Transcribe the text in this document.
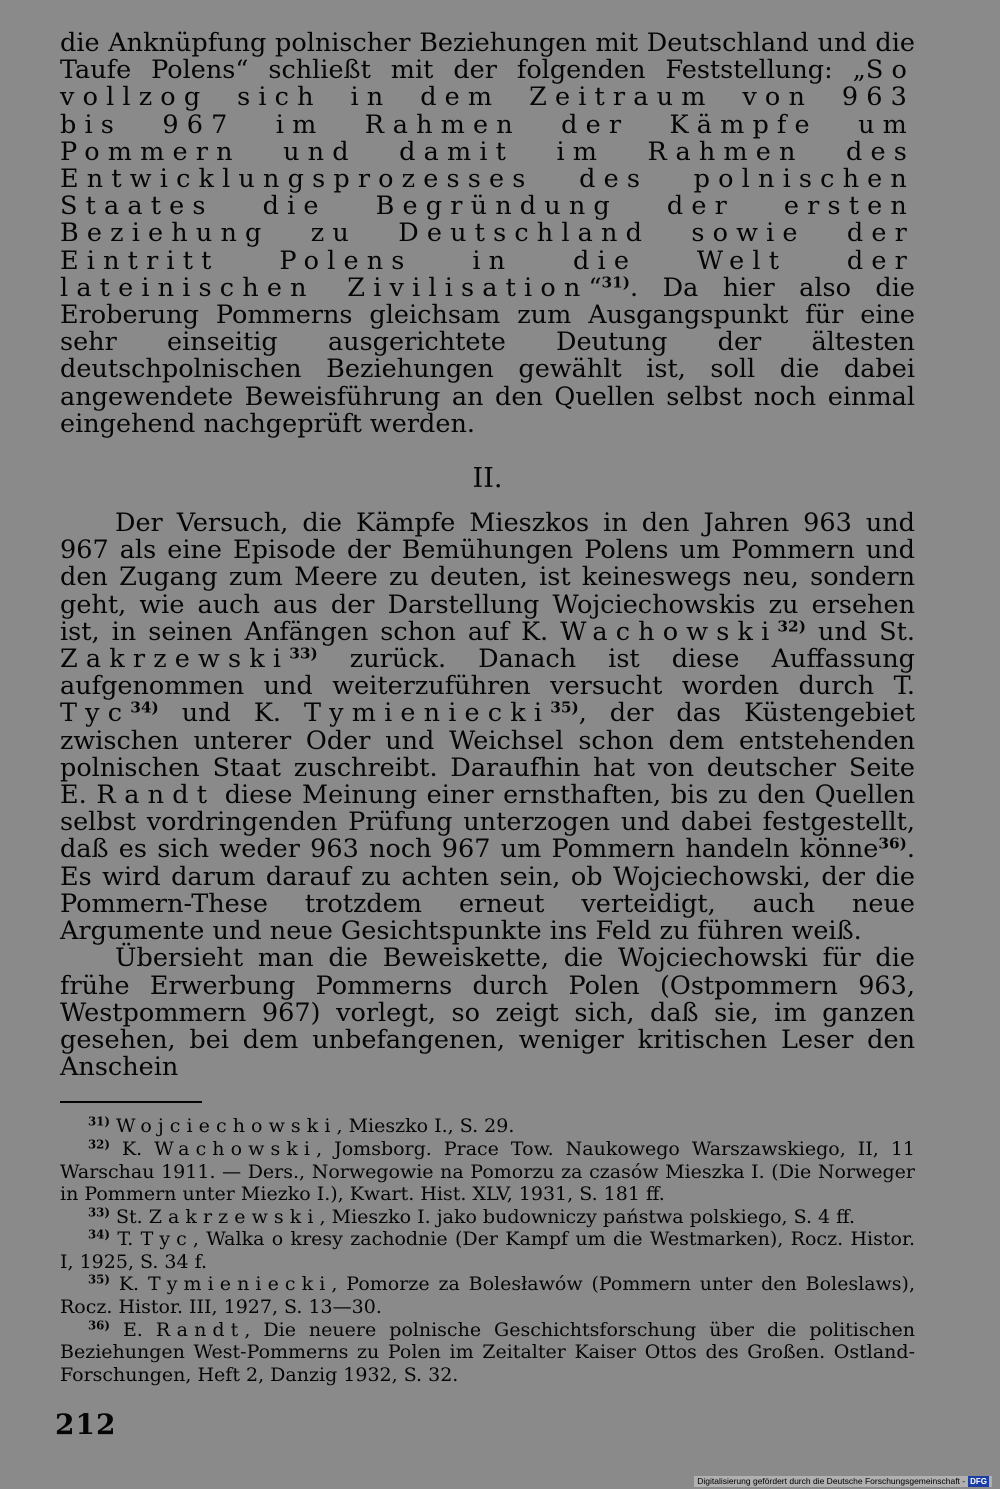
die Anknüpfung polnischer Beziehungen mit Deutschland und die Taufe Polens“ schließt mit der folgenden Feststellung: „So vollzog sich in dem Zeitraum von 963 bis 967 im Rahmen der Kämpfe um Pommern und damit im Rahmen des Entwicklungsprozesses des polnischen Staates die Begründung der ersten Beziehung zu Deutschland sowie der Eintritt Polens in die Welt der lateinischen Zivilisation“$^{31)}$. Da hier also die Eroberung Pommerns gleichsam zum Ausgangspunkt für eine sehr einseitig ausgerichtete Deutung der ältesten deutschpolnischen Beziehungen gewählt ist, soll die dabei angewendete Beweisführung an den Quellen selbst noch einmal eingehend nachgeprüft werden.

II.

Der Versuch, die Kämpfe Mieszkos in den Jahren 963 und 967 als eine Episode der Bemühungen Polens um Pommern und den Zugang zum Meere zu deuten, ist keineswegs neu, sondern geht, wie auch aus der Darstellung Wojciechowskis zu ersehen ist, in seinen Anfängen schon auf K. Wachowski$^{32)}$ und St. Zakrzewski$^{33)}$ zurück. Danach ist diese Auffassung aufgenommen und weiterzuführen versucht worden durch T. Tyc$^{34)}$ und K. Tymieniecki$^{35)}$, der das Küstengebiet zwischen unterer Oder und Weichsel schon dem entstehenden polnischen Staat zuschreibt. Daraufhin hat von deutscher Seite E. Randt diese Meinung einer ernsthaften, bis zu den Quellen selbst vordringenden Prüfung unterzogen und dabei festgestellt, daß es sich weder 963 noch 967 um Pommern handeln könne$^{36)}$. Es wird darum darauf zu achten sein, ob Wojciechowski, der die Pommern-These trotzdem erneut verteidigt, auch neue Argumente und neue Gesichtspunkte ins Feld zu führen weiß.

Übersieht man die Beweiskette, die Wojciechowski für die frühe Erwerbung Pommerns durch Polen (Ostpommern 963, Westpommern 967) vorlegt, so zeigt sich, daß sie, im ganzen gesehen, bei dem unbefangenen, weniger kritischen Leser den Anschein

$^{31)}$ Wojciechowski, Mieszko I., S. 29.

$^{32)}$ K. Wachowski, Jomsborg. Prace Tow. Naukowego Warszawskiego, II, 11 Warschau 1911. — Ders., Norwegowie na Pomorzu za czasów Mieszka I. (Die Norweger in Pommern unter Miezko I.), Kwart. Hist. XLV, 1931, S. 181 ff.

$^{33)}$ St. Zakrzewski, Mieszko I. jako budowniczy państwa polskiego, S. 4 ff.

$^{34)}$ T. Tyc, Walka o kresy zachodnie (Der Kampf um die Westmarken), Rocz. Histor. I, 1925, S. 34 f.

$^{35)}$ K. Tymieniecki, Pomorze za Bolesławów (Pommern unter den Boleslaws), Rocz. Histor. III, 1927, S. 13—30.

$^{36)}$ E. Randt, Die neuere polnische Geschichtsforschung über die politischen Beziehungen West-Pommerns zu Polen im Zeitalter Kaiser Ottos des Großen. Ostland-Forschungen, Heft 2, Danzig 1932, S. 32.

212
Digitalisierung gefördert durch die Deutsche Forschungsgemeinschaft - DFG
